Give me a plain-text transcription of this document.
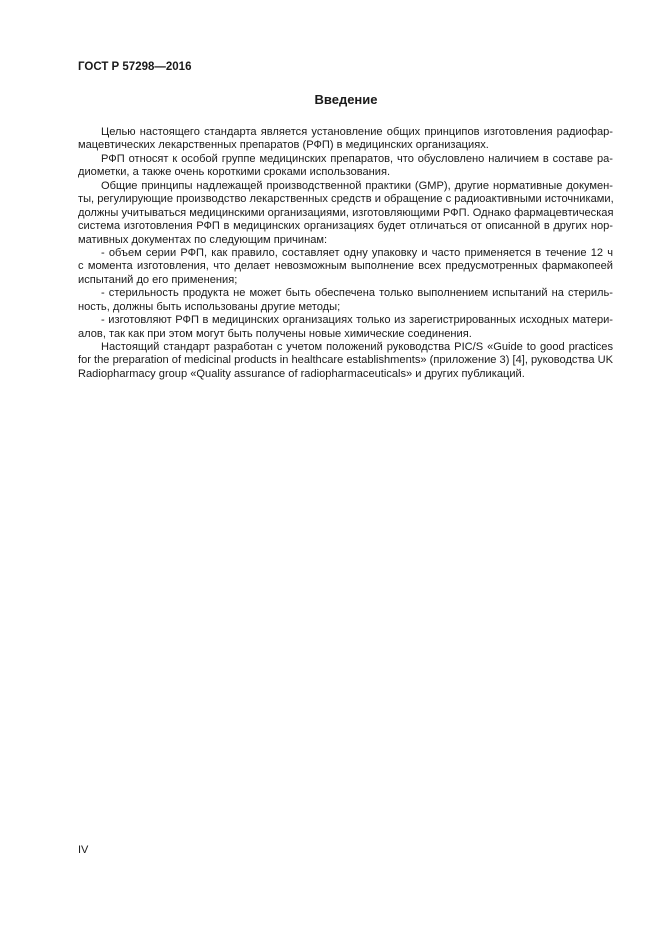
ГОСТ Р 57298—2016
Введение
Целью настоящего стандарта является установление общих принципов изготовления радиофар-
мацевтических лекарственных препаратов (РФП) в медицинских организациях.
РФП относят к особой группе медицинских препаратов, что обусловлено наличием в составе ра-
диометки, а также очень короткими сроками использования.
Общие принципы надлежащей производственной практики (GMP), другие нормативные докумен-
ты, регулирующие производство лекарственных средств и обращение с радиоактивными источниками,
должны учитываться медицинскими организациями, изготовляющими РФП. Однако фармацевтическая
система изготовления РФП в медицинских организациях будет отличаться от описанной в других нор-
мативных документах по следующим причинам:
- объем серии РФП, как правило, составляет одну упаковку и часто применяется в течение 12 ч
с момента изготовления, что делает невозможным выполнение всех предусмотренных фармакопеей
испытаний до его применения;
- стерильность продукта не может быть обеспечена только выполнением испытаний на стериль-
ность, должны быть использованы другие методы;
- изготовляют РФП в медицинских организациях только из зарегистрированных исходных матери-
алов, так как при этом могут быть получены новые химические соединения.
Настоящий стандарт разработан с учетом положений руководства PIC/S «Guide to good practices
for the preparation of medicinal products in healthcare establishments» (приложение 3) [4], руководства UK
Radiopharmacy group «Quality assurance of radiopharmaceuticals» и других публикаций.
IV
